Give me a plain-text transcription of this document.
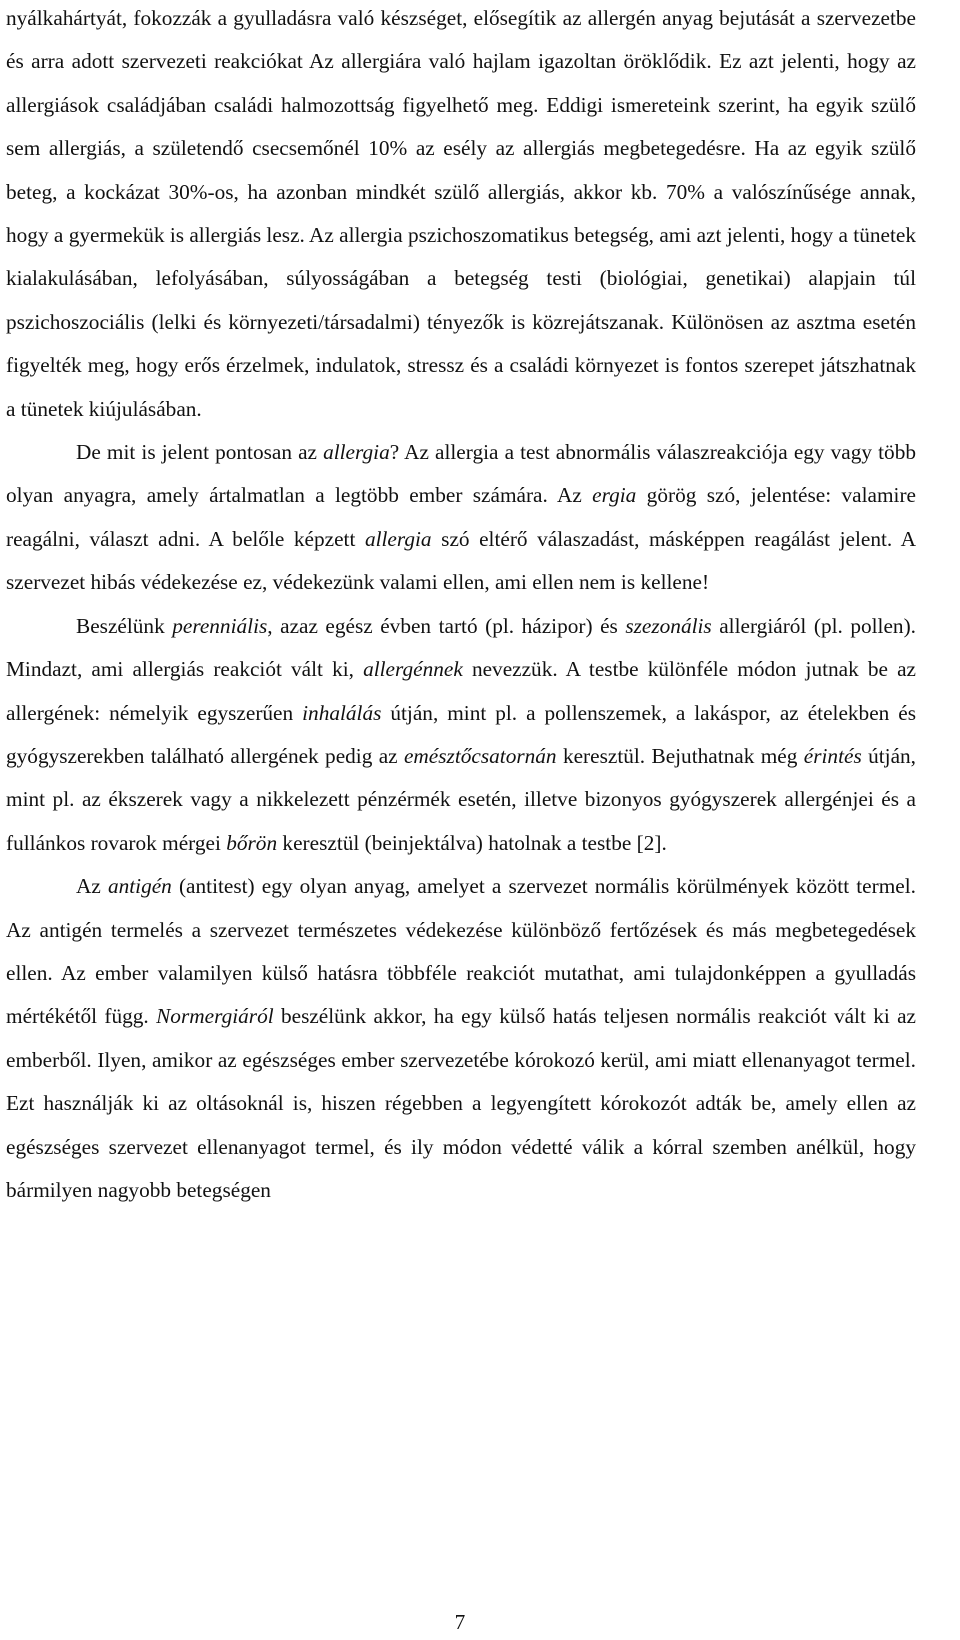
nyálkahártyát, fokozzák a gyulladásra való készséget, elősegítik az allergén anyag bejutását a szervezetbe és arra adott szervezeti reakciókat Az allergiára való hajlam igazoltan öröklődik. Ez azt jelenti, hogy az allergiások családjában családi halmozottság figyelhető meg. Eddigi ismereteink szerint, ha egyik szülő sem allergiás, a születendő csecsemőnél 10% az esély az allergiás megbetegedésre. Ha az egyik szülő beteg, a kockázat 30%-os, ha azonban mindkét szülő allergiás, akkor kb. 70% a valószínűsége annak, hogy a gyermekük is allergiás lesz. Az allergia pszichoszomatikus betegség, ami azt jelenti, hogy a tünetek kialakulásában, lefolyásában, súlyosságában a betegség testi (biológiai, genetikai) alapjain túl pszichoszociális (lelki és környezeti/társadalmi) tényezők is közrejátszanak. Különösen az asztma esetén figyelték meg, hogy erős érzelmek, indulatok, stressz és a családi környezet is fontos szerepet játszhatnak a tünetek kiújulásában.

De mit is jelent pontosan az allergia? Az allergia a test abnormális válaszreakciója egy vagy több olyan anyagra, amely ártalmatlan a legtöbb ember számára. Az ergia görög szó, jelentése: valamire reagálni, választ adni. A belőle képzett allergia szó eltérő válaszadást, másképpen reagálást jelent. A szervezet hibás védekezése ez, védekezünk valami ellen, ami ellen nem is kellene!

Beszélünk perenniális, azaz egész évben tartó (pl. házipor) és szezonális allergiáról (pl. pollen). Mindazt, ami allergiás reakciót vált ki, allergénnek nevezzük. A testbe különféle módon jutnak be az allergének: némelyik egyszerűen inhalálás útján, mint pl. a pollenszemek, a lakáspor, az ételekben és gyógyszerekben található allergének pedig az emésztőcsatornán keresztül. Bejuthatnak még érintés útján, mint pl. az ékszerek vagy a nikkelezett pénzérmék esetén, illetve bizonyos gyógyszerek allergénjei és a fullánkos rovarok mérgei bőrön keresztül (beinjektálva) hatolnak a testbe [2].

Az antigén (antitest) egy olyan anyag, amelyet a szervezet normális körülmények között termel. Az antigén termelés a szervezet természetes védekezése különböző fertőzések és más megbetegedések ellen. Az ember valamilyen külső hatásra többféle reakciót mutathat, ami tulajdonképpen a gyulladás mértékétől függ. Normergiáról beszélünk akkor, ha egy külső hatás teljesen normális reakciót vált ki az emberből. Ilyen, amikor az egészséges ember szervezetébe kórokozó kerül, ami miatt ellenanyagot termel. Ezt használják ki az oltásoknál is, hiszen régebben a legyengített kórokozót adták be, amely ellen az egészséges szervezet ellenanyagot termel, és ily módon védetté válik a kórral szemben anélkül, hogy bármilyen nagyobb betegségen

7
